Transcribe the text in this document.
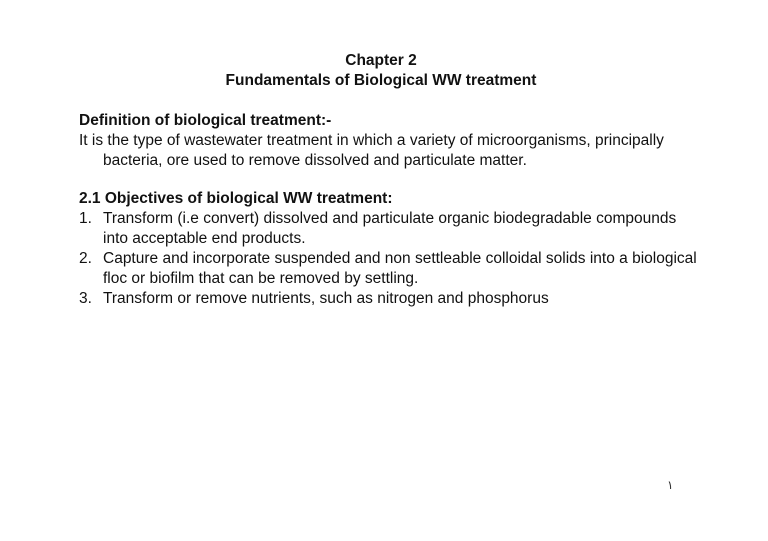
Chapter 2
Fundamentals of Biological WW treatment

Definition of biological treatment:-

It is the type of wastewater treatment in which a variety of microorganisms, principally bacteria, ore used to remove dissolved and particulate matter.

2.1 Objectives of biological WW treatment:

1. Transform (i.e convert) dissolved and particulate organic biodegradable compounds into acceptable end products.
2. Capture and incorporate suspended and non settleable colloidal solids into a biological floc or biofilm that can be removed by settling.
3. Transform or remove nutrients, such as nitrogen and phosphorus
١
